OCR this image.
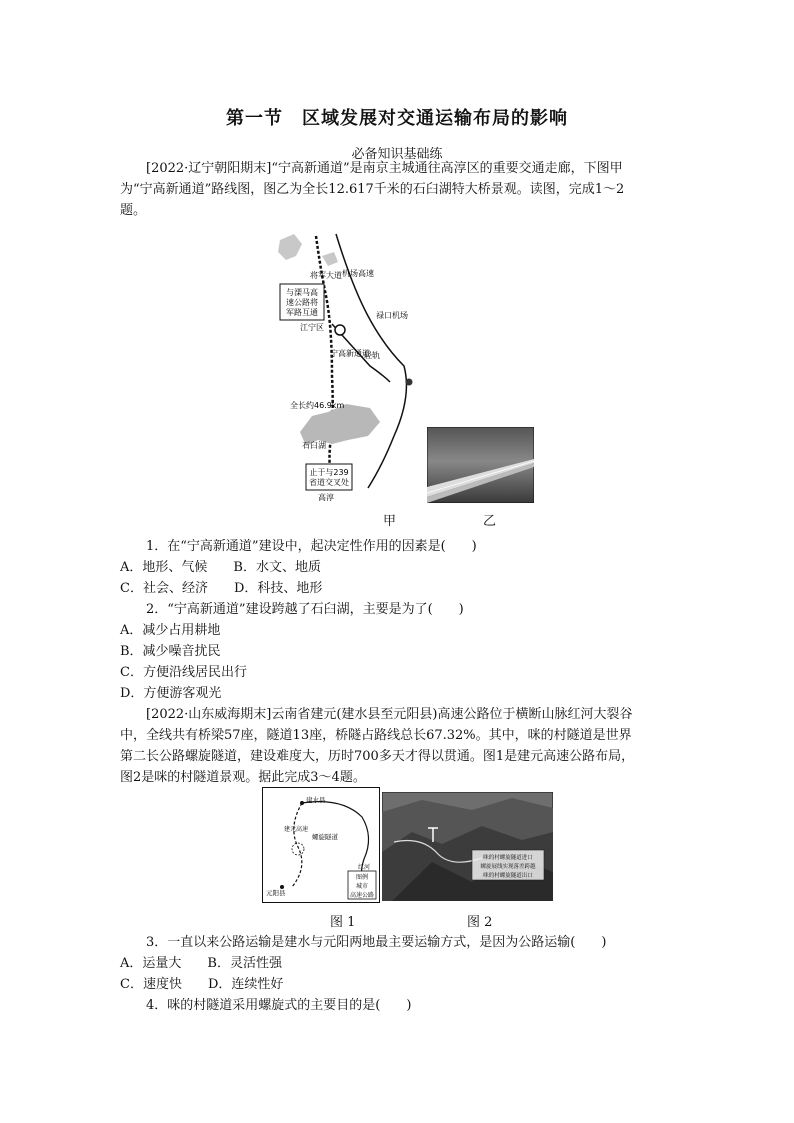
第一节　区域发展对交通运输布局的影响
必备知识基础练
[2022·辽宁朝阳期末]“宁高新通道”是南京主城通往高淳区的重要交通走廊，下图甲
为“宁高新通道”路线图，图乙为全长12.617千米的石臼湖特大桥景观。读图，完成1～2
题。
与溧马高
速公路将
军路互通
将军大道 机场高速
江宁区
禄口机场
宁高新通道
轻轨
全长约46.9km
石臼湖
止于与239
省道交叉处
高淳
甲	乙
1．在“宁高新通道”建设中，起决定性作用的因素是(　　)
A．地形、气候　　B．水文、地质
C．社会、经济　　D．科技、地形
2．“宁高新通道”建设跨越了石臼湖，主要是为了(　　)
A．减少占用耕地
B．减少噪音扰民
C．方便沿线居民出行
D．方便游客观光
[2022·山东威海期末]云南省建元(建水县至元阳县)高速公路位于横断山脉红河大裂谷
中，全线共有桥梁57座，隧道13座，桥隧占路线总长67.32%。其中，咪的村隧道是世界
第二长公路螺旋隧道，建设难度大，历时700多天才得以贯通。图1是建元高速公路布局，
图2是咪的村隧道景观。据此完成3～4题。
建水县
螺旋隧道
元阳县
红河
建元高速
图例
城市
高速公路
咪的村螺旋隧道进口
螺旋展线实现落差跨越
咪的村螺旋隧道出口
图 1	图 2
3．一直以来公路运输是建水与元阳两地最主要运输方式，是因为公路运输(　　)
A．运量大　　B．灵活性强
C．速度快　　D．连续性好
4．咪的村隧道采用螺旋式的主要目的是(　　)
